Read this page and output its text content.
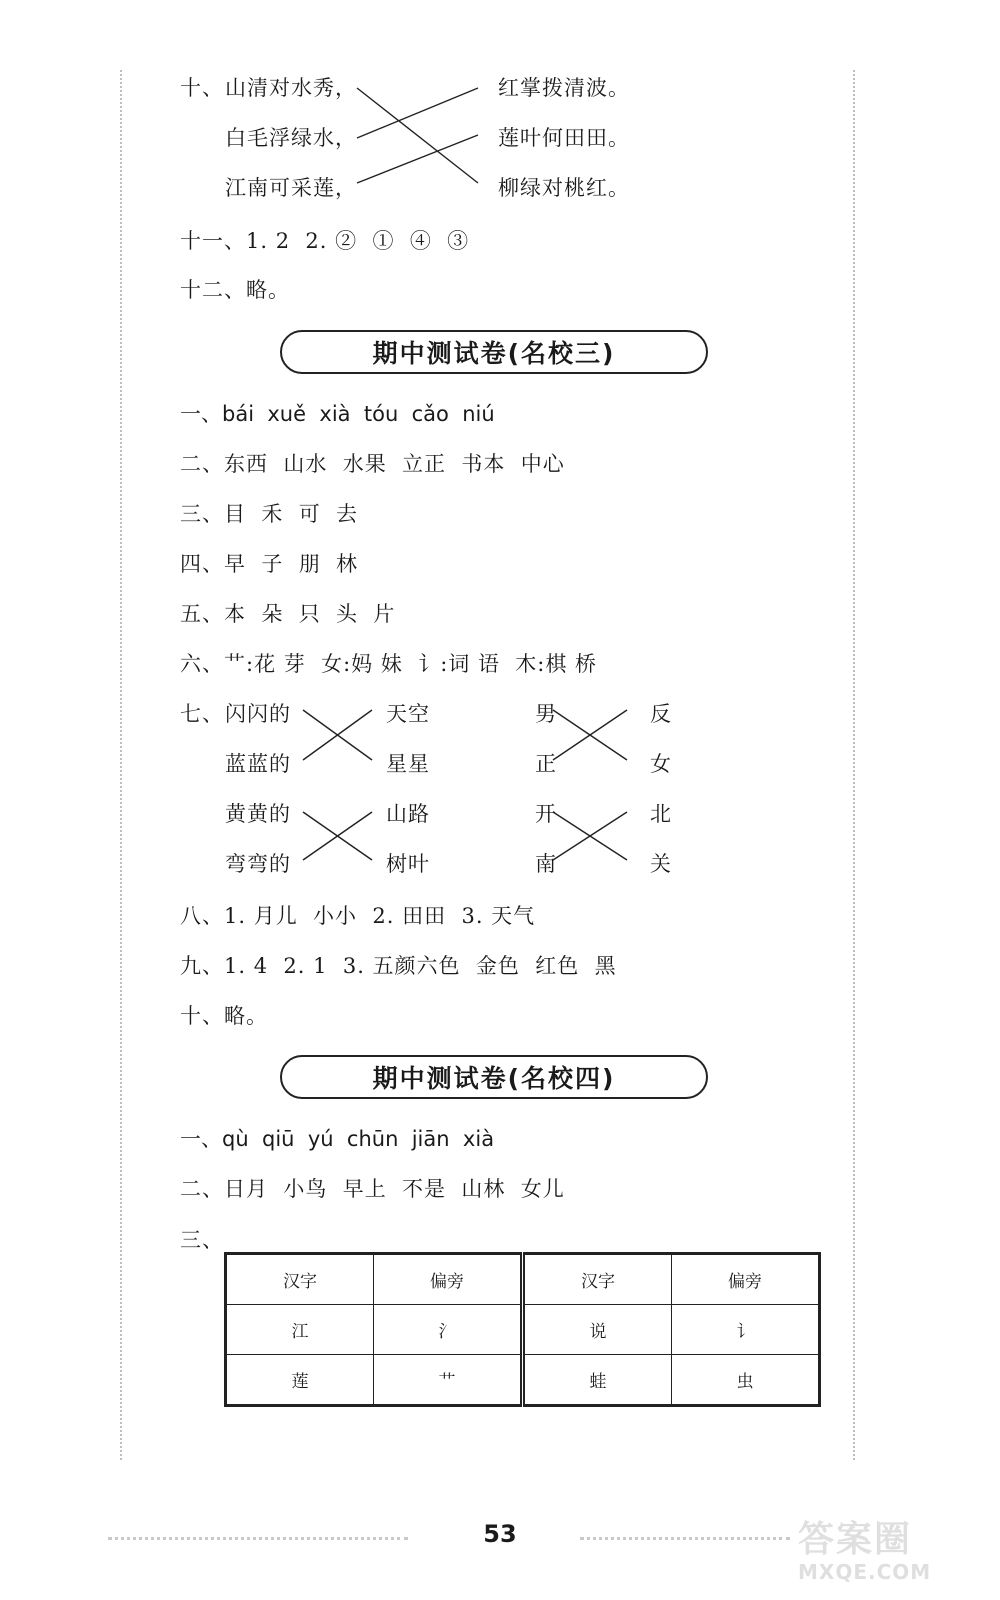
十、 山清对水秀，
白毛浮绿水，
江南可采莲，
红掌拨清波。
莲叶何田田。
柳绿对桃红。
十一、1. 2  2. ②  ①  ④  ③
十二、略。
期中测试卷(名校三)
一、bái  xuě  xià  tóu  cǎo  niú
二、东西  山水  水果  立正  书本  中心
三、目  禾  可  去
四、早  子  朋  林
五、本  朵  只  头  片
六、艹:花 芽  女:妈 妹  讠:词 语  木:棋 桥
七、 闪闪的
蓝蓝的
黄黄的
弯弯的
天空
星星
山路
树叶
男
正
开
南
反
女
北
关
八、1. 月儿  小小  2. 田田  3. 天气
九、1. 4  2. 1  3. 五颜六色  金色  红色  黑
十、略。
期中测试卷(名校四)
一、qù  qiū  yú  chūn  jiān  xià
二、日月  小鸟  早上  不是  山林  女儿
三、
汉字	偏旁	汉字	偏旁
江	氵	说	讠
莲	艹	蛙	虫
53	答案圈
MXQE.COM
